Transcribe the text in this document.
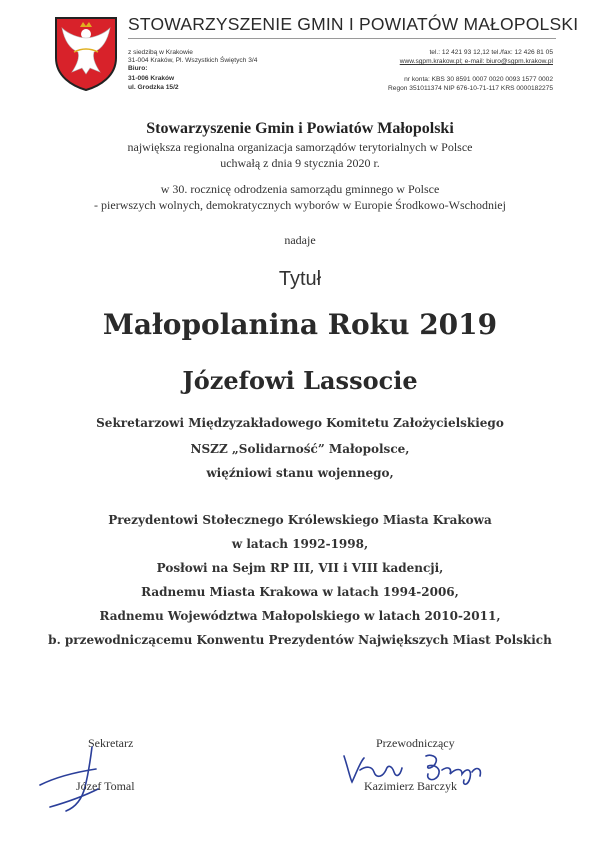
STOWARZYSZENIE GMIN I POWIATÓW MAŁOPOLSKI
z siedzibą w Krakowie
31-004 Kraków, Pl. Wszystkich Świętych 3/4
Biuro:
31-006 Kraków
ul. Grodzka 15/2
tel.: 12 421 93 12,12 tel./fax: 12 426 81 05
www.sgpm.krakow.pl; e-mail: biuro@sgpm.krakow.pl
nr konta: KBS 30 8591 0007 0020 0093 1577 0002
Regon 351011374 NIP 676-10-71-117 KRS 0000182275
Stowarzyszenie Gmin i Powiatów Małopolski
największa regionalna organizacja samorządów terytorialnych w Polsce
uchwałą z dnia 9 stycznia 2020 r.
w 30. rocznicę odrodzenia samorządu gminnego w Polsce
- pierwszych wolnych, demokratycznych wyborów w Europie Środkowo-Wschodniej
nadaje
Tytuł
Małopolanina Roku 2019
Józefowi Lassocie
Sekretarzowi Międzyzakładowego Komitetu Założycielskiego
NSZZ „Solidarność” Małopolsce,
więźniowi stanu wojennego,
Prezydentowi Stołecznego Królewskiego Miasta Krakowa
w latach 1992-1998,
Posłowi na Sejm RP III, VII i VIII kadencji,
Radnemu Miasta Krakowa w latach 1994-2006,
Radnemu Województwa Małopolskiego w latach 2010-2011,
b. przewodniczącemu Konwentu Prezydentów Największych Miast Polskich
Sekretarz
Józef Tomal
Przewodniczący
Kazimierz Barczyk
